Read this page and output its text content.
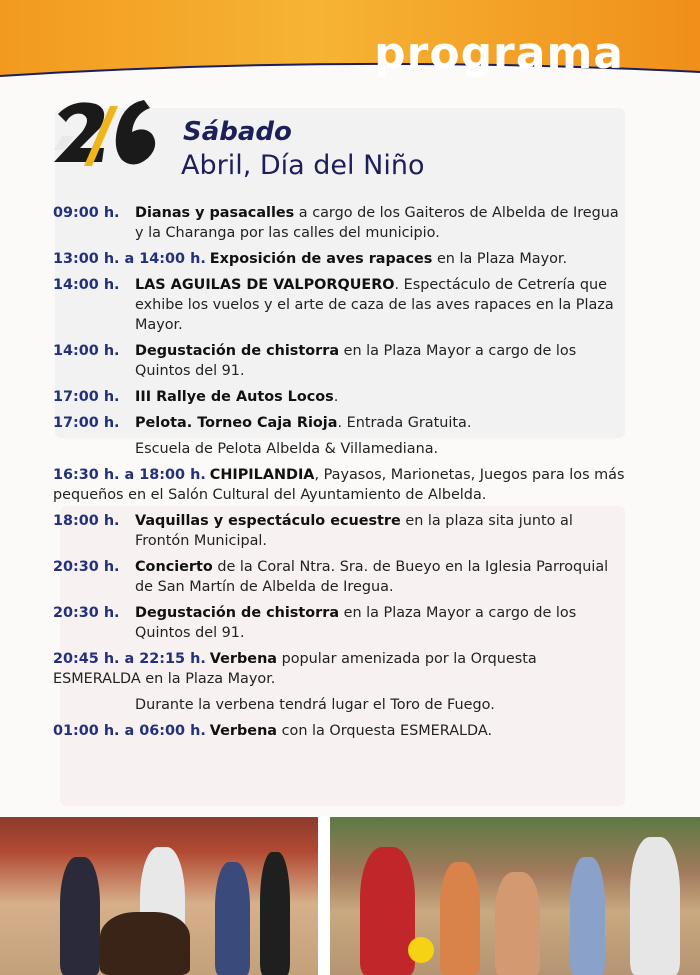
programa
Sábado
Abril, Día del Niño
09:00 h. Dianas y pasacalles a cargo de los Gaiteros de Albelda de Iregua y la Charanga por las calles del municipio.
13:00 h. a 14:00 h. Exposición de aves rapaces en la Plaza Mayor.
14:00 h. LAS AGUILAS DE VALPORQUERO. Espectáculo de Cetrería que exhibe los vuelos y el arte de caza de las aves rapaces en la Plaza Mayor.
14:00 h. Degustación de chistorra en la Plaza Mayor a cargo de los Quintos del 91.
17:00 h. III Rallye de Autos Locos.
17:00 h. Pelota. Torneo Caja Rioja. Entrada Gratuita.
Escuela de Pelota Albelda & Villamediana.
16:30 h. a 18:00 h. CHIPILANDIA, Payasos, Marionetas, Juegos para los más pequeños en el Salón Cultural del Ayuntamiento de Albelda.
18:00 h. Vaquillas y espectáculo ecuestre en la plaza sita junto al Frontón Municipal.
20:30 h. Concierto de la Coral Ntra. Sra. de Bueyo en la Iglesia Parroquial de San Martín de Albelda de Iregua.
20:30 h. Degustación de chistorra en la Plaza Mayor a cargo de los Quintos del 91.
20:45 h. a 22:15 h. Verbena popular amenizada por la Orquesta ESMERALDA en la Plaza Mayor.
Durante la verbena tendrá lugar el Toro de Fuego.
01:00 h. a 06:00 h. Verbena con la Orquesta ESMERALDA.
